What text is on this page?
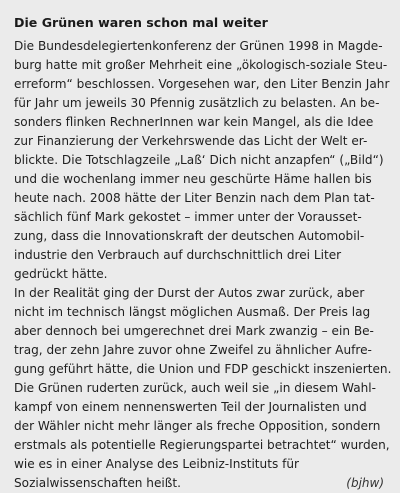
Die Grünen waren schon mal weiter
Die Bundesdelegiertenkonferenz der Grünen 1998 in Magde-
burg hatte mit großer Mehrheit eine „ökologisch-soziale Steu-
erreform“ beschlossen. Vorgesehen war, den Liter Benzin Jahr
für Jahr um jeweils 30 Pfennig zusätzlich zu belasten. An be-
sonders flinken RechnerInnen war kein Mangel, als die Idee
zur Finanzierung der Verkehrswende das Licht der Welt er-
blickte. Die Totschlagzeile „Laß‘ Dich nicht anzapfen“ („Bild“)
und die wochenlang immer neu geschürte Häme hallen bis
heute nach. 2008 hätte der Liter Benzin nach dem Plan tat-
sächlich fünf Mark gekostet – immer unter der Vorausset-
zung, dass die Innovationskraft der deutschen Automobil-
industrie den Verbrauch auf durchschnittlich drei Liter
gedrückt hätte.
In der Realität ging der Durst der Autos zwar zurück, aber
nicht im technisch längst möglichen Ausmaß. Der Preis lag
aber dennoch bei umgerechnet drei Mark zwanzig – ein Be-
trag, der zehn Jahre zuvor ohne Zweifel zu ähnlicher Aufre-
gung geführt hätte, die Union und FDP geschickt inszenierten.
Die Grünen ruderten zurück, auch weil sie „in diesem Wahl-
kampf von einem nennenswerten Teil der Journalisten und
der Wähler nicht mehr länger als freche Opposition, sondern
erstmals als potentielle Regierungspartei betrachtet“ wurden,
wie es in einer Analyse des Leibniz-Instituts für
Sozialwissenschaften heißt.	(bjhw)
